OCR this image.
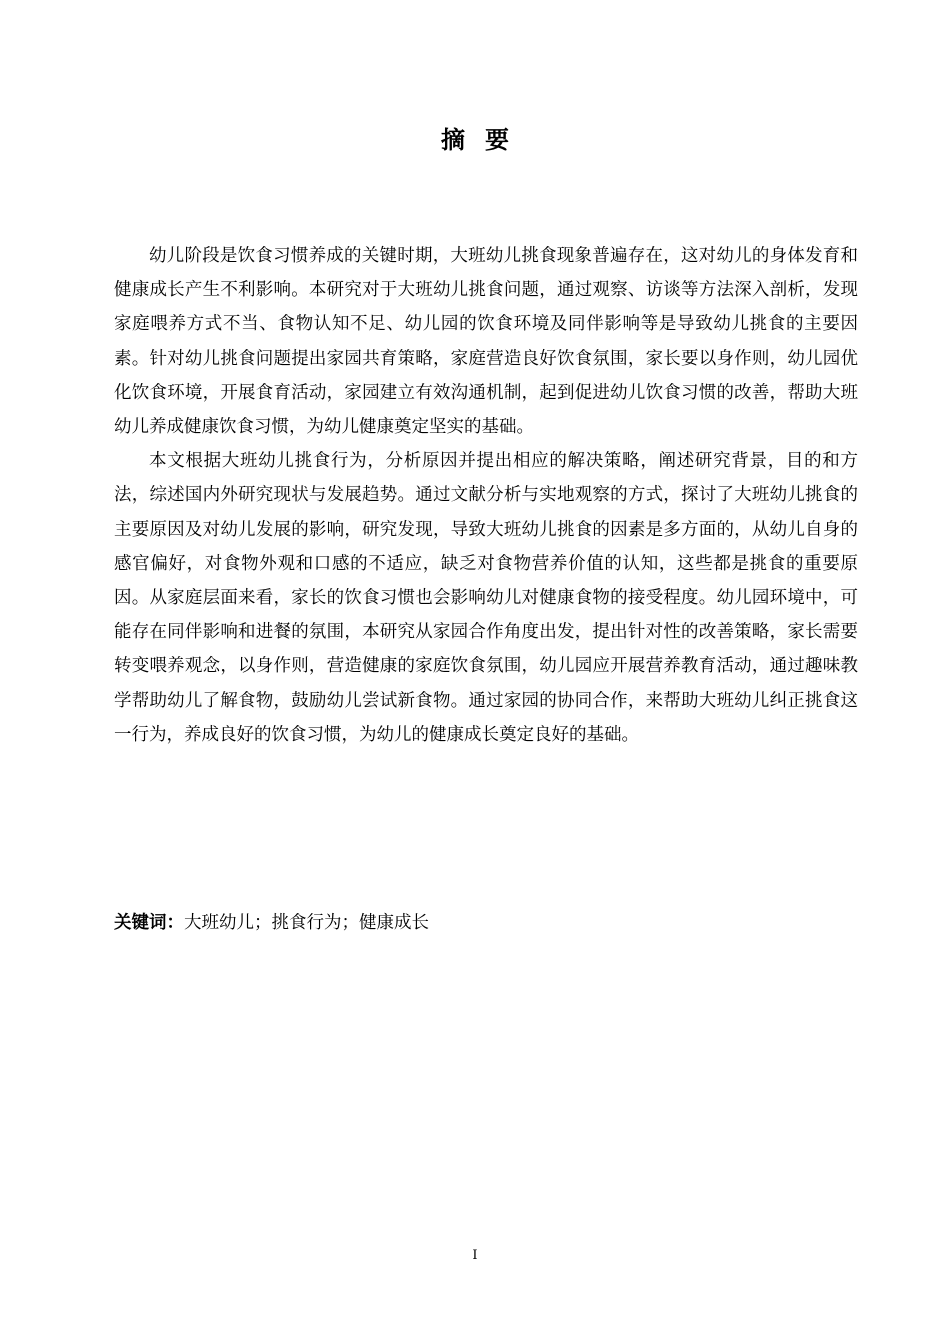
摘要

幼儿阶段是饮食习惯养成的关键时期，大班幼儿挑食现象普遍存在，这对幼儿的身体发育和健康成长产生不利影响。本研究对于大班幼儿挑食问题，通过观察、访谈等方法深入剖析，发现家庭喂养方式不当、食物认知不足、幼儿园的饮食环境及同伴影响等是导致幼儿挑食的主要因素。针对幼儿挑食问题提出家园共育策略，家庭营造良好饮食氛围，家长要以身作则，幼儿园优化饮食环境，开展食育活动，家园建立有效沟通机制，起到促进幼儿饮食习惯的改善，帮助大班幼儿养成健康饮食习惯，为幼儿健康奠定坚实的基础。

本文根据大班幼儿挑食行为，分析原因并提出相应的解决策略，阐述研究背景，目的和方法，综述国内外研究现状与发展趋势。通过文献分析与实地观察的方式，探讨了大班幼儿挑食的主要原因及对幼儿发展的影响，研究发现，导致大班幼儿挑食的因素是多方面的，从幼儿自身的感官偏好，对食物外观和口感的不适应，缺乏对食物营养价值的认知，这些都是挑食的重要原因。从家庭层面来看，家长的饮食习惯也会影响幼儿对健康食物的接受程度。幼儿园环境中，可能存在同伴影响和进餐的氛围，本研究从家园合作角度出发，提出针对性的改善策略，家长需要转变喂养观念，以身作则，营造健康的家庭饮食氛围，幼儿园应开展营养教育活动，通过趣味教学帮助幼儿了解食物，鼓励幼儿尝试新食物。通过家园的协同合作，来帮助大班幼儿纠正挑食这一行为，养成良好的饮食习惯，为幼儿的健康成长奠定良好的基础。

关键词：大班幼儿；挑食行为；健康成长
I
